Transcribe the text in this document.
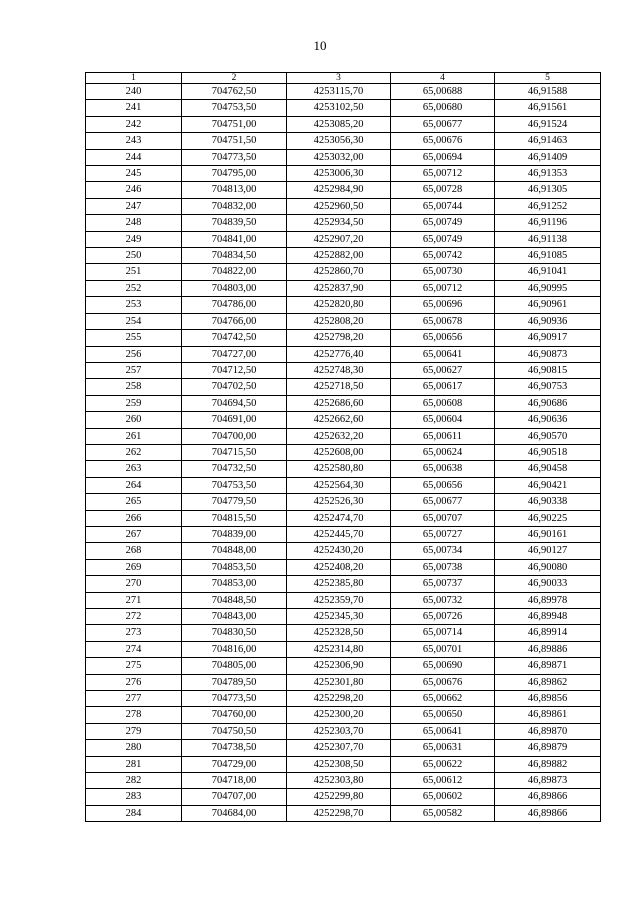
10
1	2	3	4	5
240	704762,50	4253115,70	65,00688	46,91588
241	704753,50	4253102,50	65,00680	46,91561
242	704751,00	4253085,20	65,00677	46,91524
243	704751,50	4253056,30	65,00676	46,91463
244	704773,50	4253032,00	65,00694	46,91409
245	704795,00	4253006,30	65,00712	46,91353
246	704813,00	4252984,90	65,00728	46,91305
247	704832,00	4252960,50	65,00744	46,91252
248	704839,50	4252934,50	65,00749	46,91196
249	704841,00	4252907,20	65,00749	46,91138
250	704834,50	4252882,00	65,00742	46,91085
251	704822,00	4252860,70	65,00730	46,91041
252	704803,00	4252837,90	65,00712	46,90995
253	704786,00	4252820,80	65,00696	46,90961
254	704766,00	4252808,20	65,00678	46,90936
255	704742,50	4252798,20	65,00656	46,90917
256	704727,00	4252776,40	65,00641	46,90873
257	704712,50	4252748,30	65,00627	46,90815
258	704702,50	4252718,50	65,00617	46,90753
259	704694,50	4252686,60	65,00608	46,90686
260	704691,00	4252662,60	65,00604	46,90636
261	704700,00	4252632,20	65,00611	46,90570
262	704715,50	4252608,00	65,00624	46,90518
263	704732,50	4252580,80	65,00638	46,90458
264	704753,50	4252564,30	65,00656	46,90421
265	704779,50	4252526,30	65,00677	46,90338
266	704815,50	4252474,70	65,00707	46,90225
267	704839,00	4252445,70	65,00727	46,90161
268	704848,00	4252430,20	65,00734	46,90127
269	704853,50	4252408,20	65,00738	46,90080
270	704853,00	4252385,80	65,00737	46,90033
271	704848,50	4252359,70	65,00732	46,89978
272	704843,00	4252345,30	65,00726	46,89948
273	704830,50	4252328,50	65,00714	46,89914
274	704816,00	4252314,80	65,00701	46,89886
275	704805,00	4252306,90	65,00690	46,89871
276	704789,50	4252301,80	65,00676	46,89862
277	704773,50	4252298,20	65,00662	46,89856
278	704760,00	4252300,20	65,00650	46,89861
279	704750,50	4252303,70	65,00641	46,89870
280	704738,50	4252307,70	65,00631	46,89879
281	704729,00	4252308,50	65,00622	46,89882
282	704718,00	4252303,80	65,00612	46,89873
283	704707,00	4252299,80	65,00602	46,89866
284	704684,00	4252298,70	65,00582	46,89866
